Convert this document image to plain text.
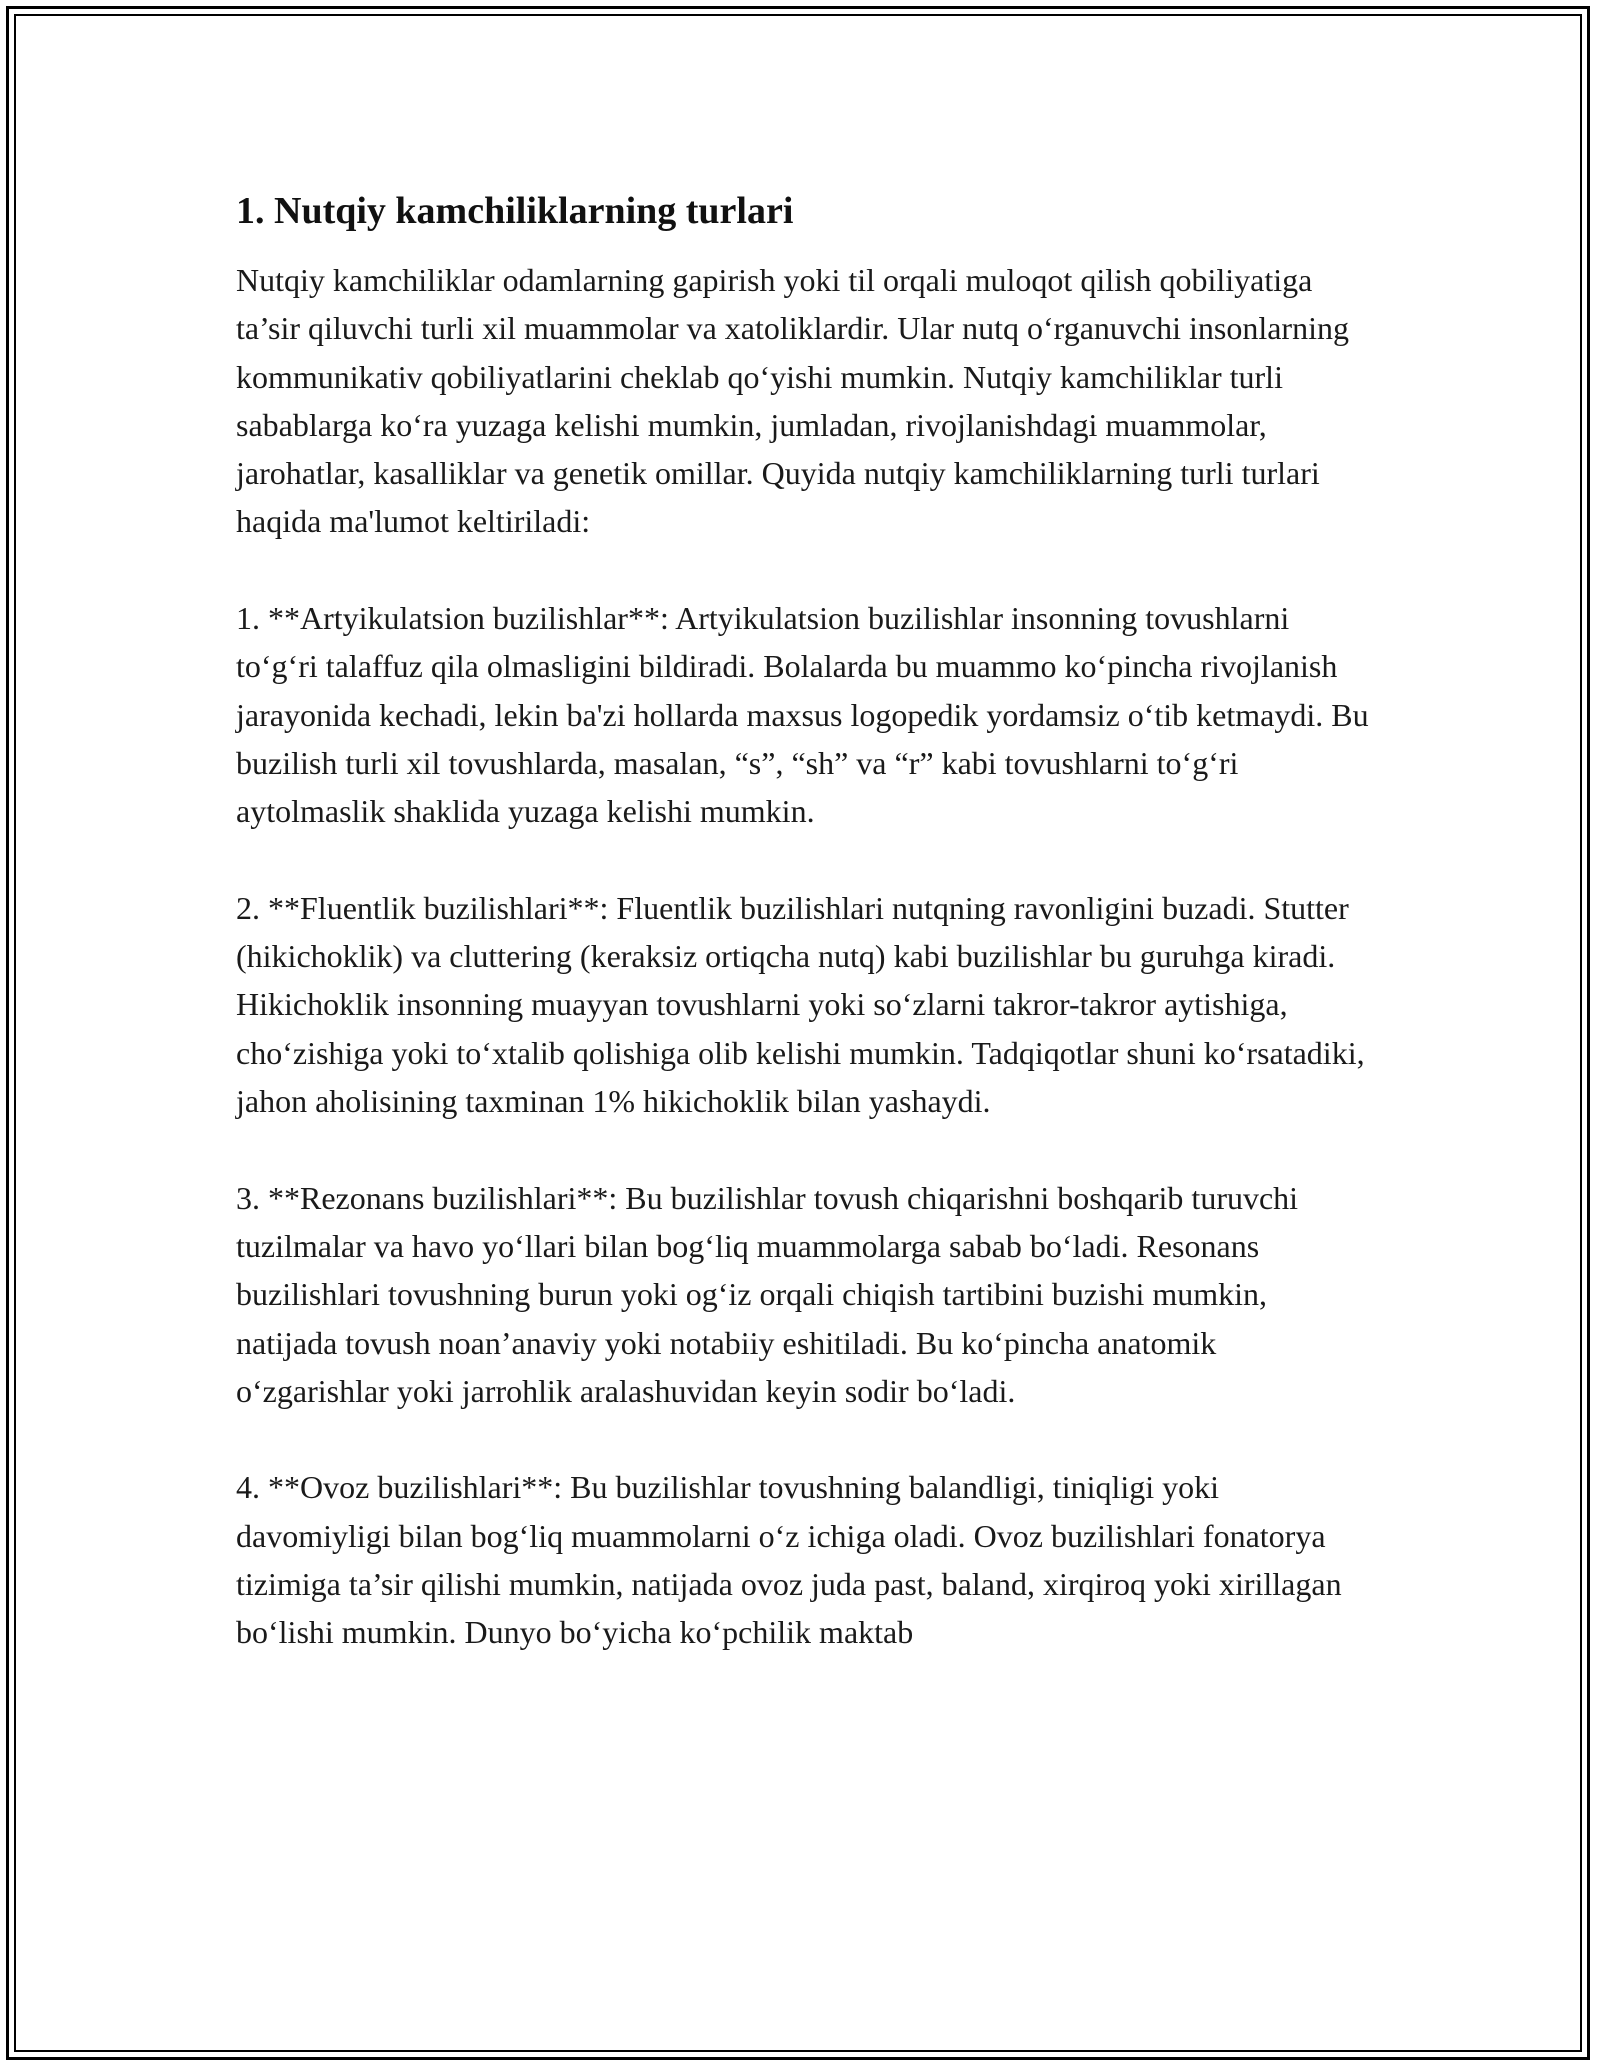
1. Nutqiy kamchiliklarning turlari

Nutqiy kamchiliklar odamlarning gapirish yoki til orqali muloqot qilish qobiliyatiga ta’sir qiluvchi turli xil muammolar va xatoliklardir. Ular nutq o‘rganuvchi insonlarning kommunikativ qobiliyatlarini cheklab qo‘yishi mumkin. Nutqiy kamchiliklar turli sabablarga ko‘ra yuzaga kelishi mumkin, jumladan, rivojlanishdagi muammolar, jarohatlar, kasalliklar va genetik omillar. Quyida nutqiy kamchiliklarning turli turlari haqida ma'lumot keltiriladi:

1. **Artyikulatsion buzilishlar**: Artyikulatsion buzilishlar insonning tovushlarni to‘g‘ri talaffuz qila olmasligini bildiradi. Bolalarda bu muammo ko‘pincha rivojlanish jarayonida kechadi, lekin ba'zi hollarda maxsus logopedik yordamsiz o‘tib ketmaydi. Bu buzilish turli xil tovushlarda, masalan, “s”, “sh” va “r” kabi tovushlarni to‘g‘ri aytolmaslik shaklida yuzaga kelishi mumkin.

2. **Fluentlik buzilishlari**: Fluentlik buzilishlari nutqning ravonligini buzadi. Stutter (hikichoklik) va cluttering (keraksiz ortiqcha nutq) kabi buzilishlar bu guruhga kiradi. Hikichoklik insonning muayyan tovushlarni yoki so‘zlarni takror-takror aytishiga, cho‘zishiga yoki to‘xtalib qolishiga olib kelishi mumkin. Tadqiqotlar shuni ko‘rsatadiki, jahon aholisining taxminan 1% hikichoklik bilan yashaydi.

3. **Rezonans buzilishlari**: Bu buzilishlar tovush chiqarishni boshqarib turuvchi tuzilmalar va havo yo‘llari bilan bog‘liq muammolarga sabab bo‘ladi. Resonans buzilishlari tovushning burun yoki og‘iz orqali chiqish tartibini buzishi mumkin, natijada tovush noan’anaviy yoki notabiiy eshitiladi. Bu ko‘pincha anatomik o‘zgarishlar yoki jarrohlik aralashuvidan keyin sodir bo‘ladi.

4. **Ovoz buzilishlari**: Bu buzilishlar tovushning balandligi, tiniqligi yoki davomiyligi bilan bog‘liq muammolarni o‘z ichiga oladi. Ovoz buzilishlari fonatorya tizimiga ta’sir qilishi mumkin, natijada ovoz juda past, baland, xirqiroq yoki xirillagan bo‘lishi mumkin. Dunyo bo‘yicha ko‘pchilik maktab
